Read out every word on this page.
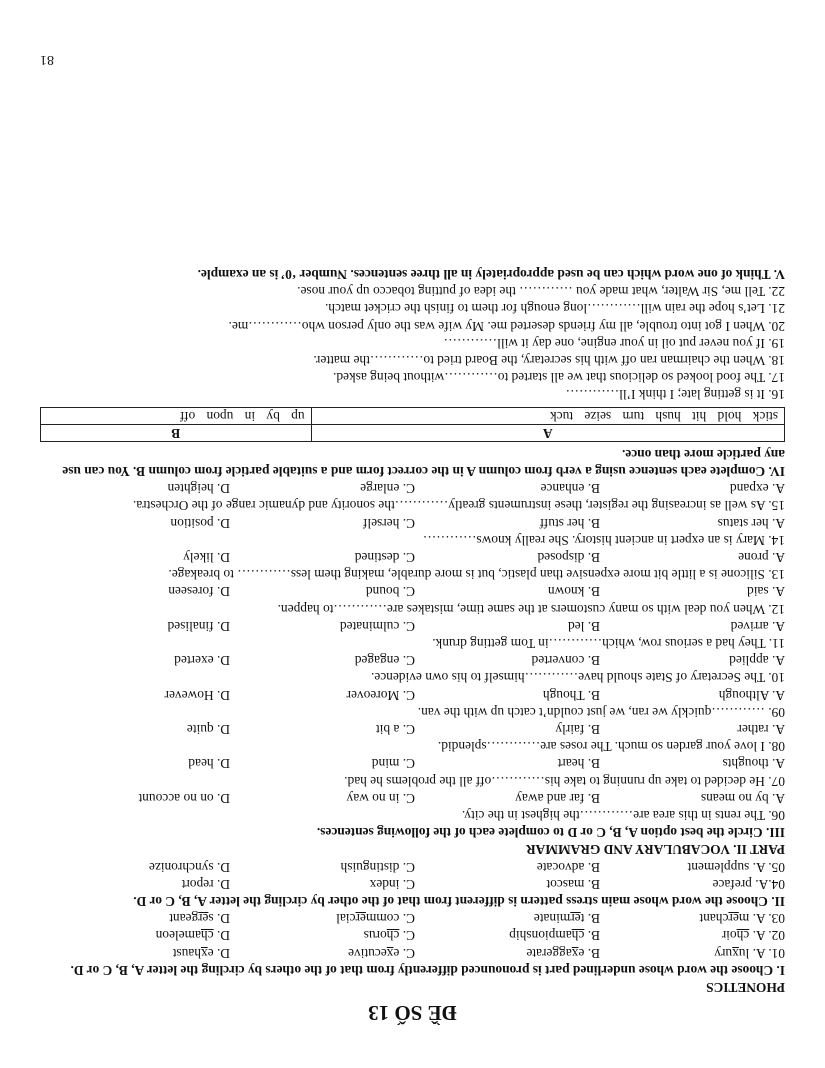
ĐỀ SỐ 13
PHONETICS
I. Choose the word whose underlined part is pronounced differently from that of the others by circling the letter A, B, C or D.
01. A. luxury
B. exaggerate
C. executive
D. exhaust
02. A. choir
B. championship
C. chorus
D. chameleon
03. A. merchant
B. terminate
C. commercial
D. sergeant
II. Choose the word whose main stress pattern is different from that of the other by circling the letter A, B, C or D.
04.A. preface
B. mascot
C. index
D. report
05. A. supplement
B. advocate
C. distinguish
D. synchronize
PART II. VOCABULARY AND GRAMMAR
III. Circle the best option A, B, C or D to complete each of the following sentences.
06. The rents in this area are…………the highest in the city.
A. by no means
B. far and away
C. in no way
D. on no account
07. He decided to take up running to take his…………off all the problems he had.
A. thoughts
B. heart
C. mind
D. head
08. I love your garden so much. The roses are…………splendid.
A. rather
B. fairly
C. a bit
D. quite
09. …………quickly we ran, we just couldn’t catch up with the van.
A. Although
B. Though
C. Moreover
D. However
10. The Secretary of State should have…………himself to his own evidence.
A. applied
B. converted
C. engaged
D. exerted
11. They had a serious row, which…………in Tom getting drunk.
A. arrived
B. led
C. culminated
D. finalised
12. When you deal with so many customers at the same time, mistakes are…………to happen.
A. said
B. known
C. bound
D. foreseen
13. Silicone is a little bit more expensive than plastic, but is more durable, making them less………… to breakage.
A. prone
B. disposed
C. destined
D. likely
14. Mary is an expert in ancient history. She really knows…………
A. her status
B. her stuff
C. herself
D. position
15. As well as increasing the register, these instruments greatly…………the sonority and dynamic range of the Orchestra.
A. expand
B. enhance
C. enlarge
D. heighten
IV. Complete each sentence using a verb from column A in the correct form and a suitable particle from column B. You can use any particle more than once.
A	B
stick hold hit hush turn seize tuck	up by in upon off
16. It is getting late; I think I’ll…………
17. The food looked so delicious that we all started to…………without being asked.
18. When the chairman ran off with his secretary, the Board tried to…………the matter.
19. If you never put oil in your engine, one day it will…………
20. When I got into trouble, all my friends deserted me. My wife was the only person who…………me.
21. Let’s hope the rain will…………long enough for them to finish the cricket match.
22. Tell me, Sir Walter, what made you ………… the idea of putting tobacco up your nose.
V. Think of one word which can be used appropriately in all three sentences. Number ‘0’ is an example.
81
